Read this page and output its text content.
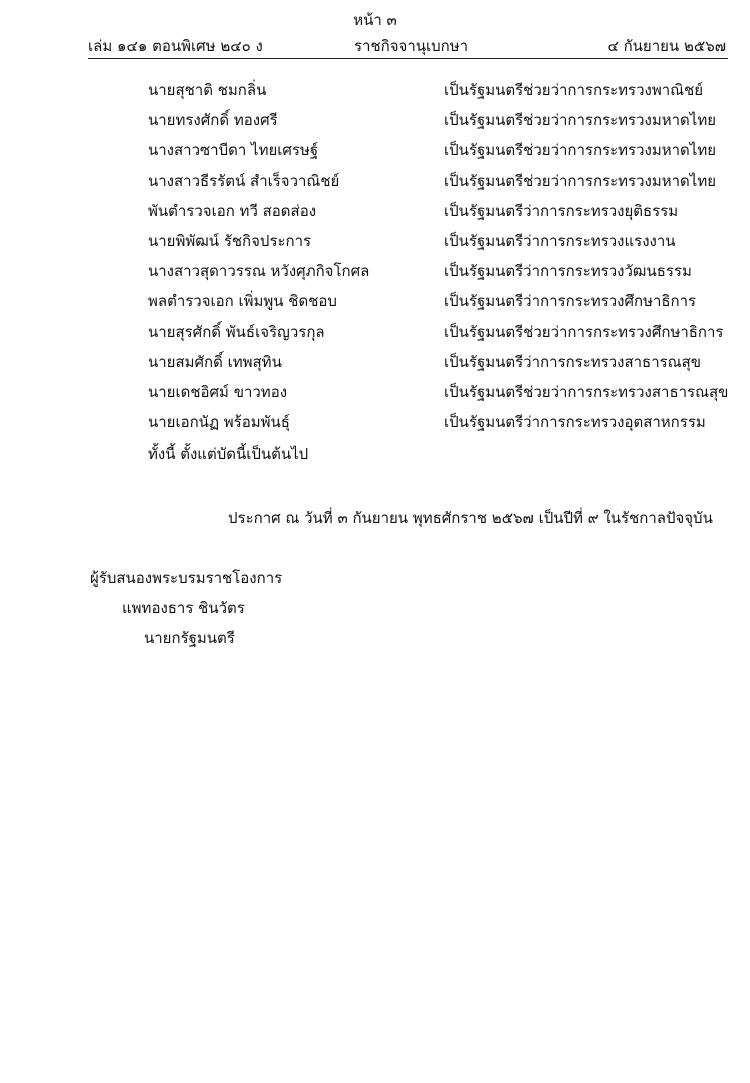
หน้า ๓
เล่ม ๑๔๑ ตอนพิเศษ ๒๔๐ ง	ราชกิจจานุเบกษา	๔ กันยายน ๒๕๖๗
นายสุชาติ ชมกลิ่น	เป็นรัฐมนตรีช่วยว่าการกระทรวงพาณิชย์
นายทรงศักดิ์ ทองศรี	เป็นรัฐมนตรีช่วยว่าการกระทรวงมหาดไทย
นางสาวซาบีดา ไทยเศรษฐ์	เป็นรัฐมนตรีช่วยว่าการกระทรวงมหาดไทย
นางสาวธีรรัตน์ สำเร็จวาณิชย์	เป็นรัฐมนตรีช่วยว่าการกระทรวงมหาดไทย
พันตำรวจเอก ทวี สอดส่อง	เป็นรัฐมนตรีว่าการกระทรวงยุติธรรม
นายพิพัฒน์ รัชกิจประการ	เป็นรัฐมนตรีว่าการกระทรวงแรงงาน
นางสาวสุดาวรรณ หวังศุภกิจโกศล	เป็นรัฐมนตรีว่าการกระทรวงวัฒนธรรม
พลตำรวจเอก เพิ่มพูน ชิดชอบ	เป็นรัฐมนตรีว่าการกระทรวงศึกษาธิการ
นายสุรศักดิ์ พันธ์เจริญวรกุล	เป็นรัฐมนตรีช่วยว่าการกระทรวงศึกษาธิการ
นายสมศักดิ์ เทพสุทิน	เป็นรัฐมนตรีว่าการกระทรวงสาธารณสุข
นายเดชอิศม์ ขาวทอง	เป็นรัฐมนตรีช่วยว่าการกระทรวงสาธารณสุข
นายเอกนัฏ พร้อมพันธุ์	เป็นรัฐมนตรีว่าการกระทรวงอุตสาหกรรม
ทั้งนี้ ตั้งแต่บัดนี้เป็นต้นไป
ประกาศ ณ วันที่ ๓ กันยายน พุทธศักราช ๒๕๖๗ เป็นปีที่ ๙ ในรัชกาลปัจจุบัน
ผู้รับสนองพระบรมราชโองการ
แพทองธาร ชินวัตร
นายกรัฐมนตรี
